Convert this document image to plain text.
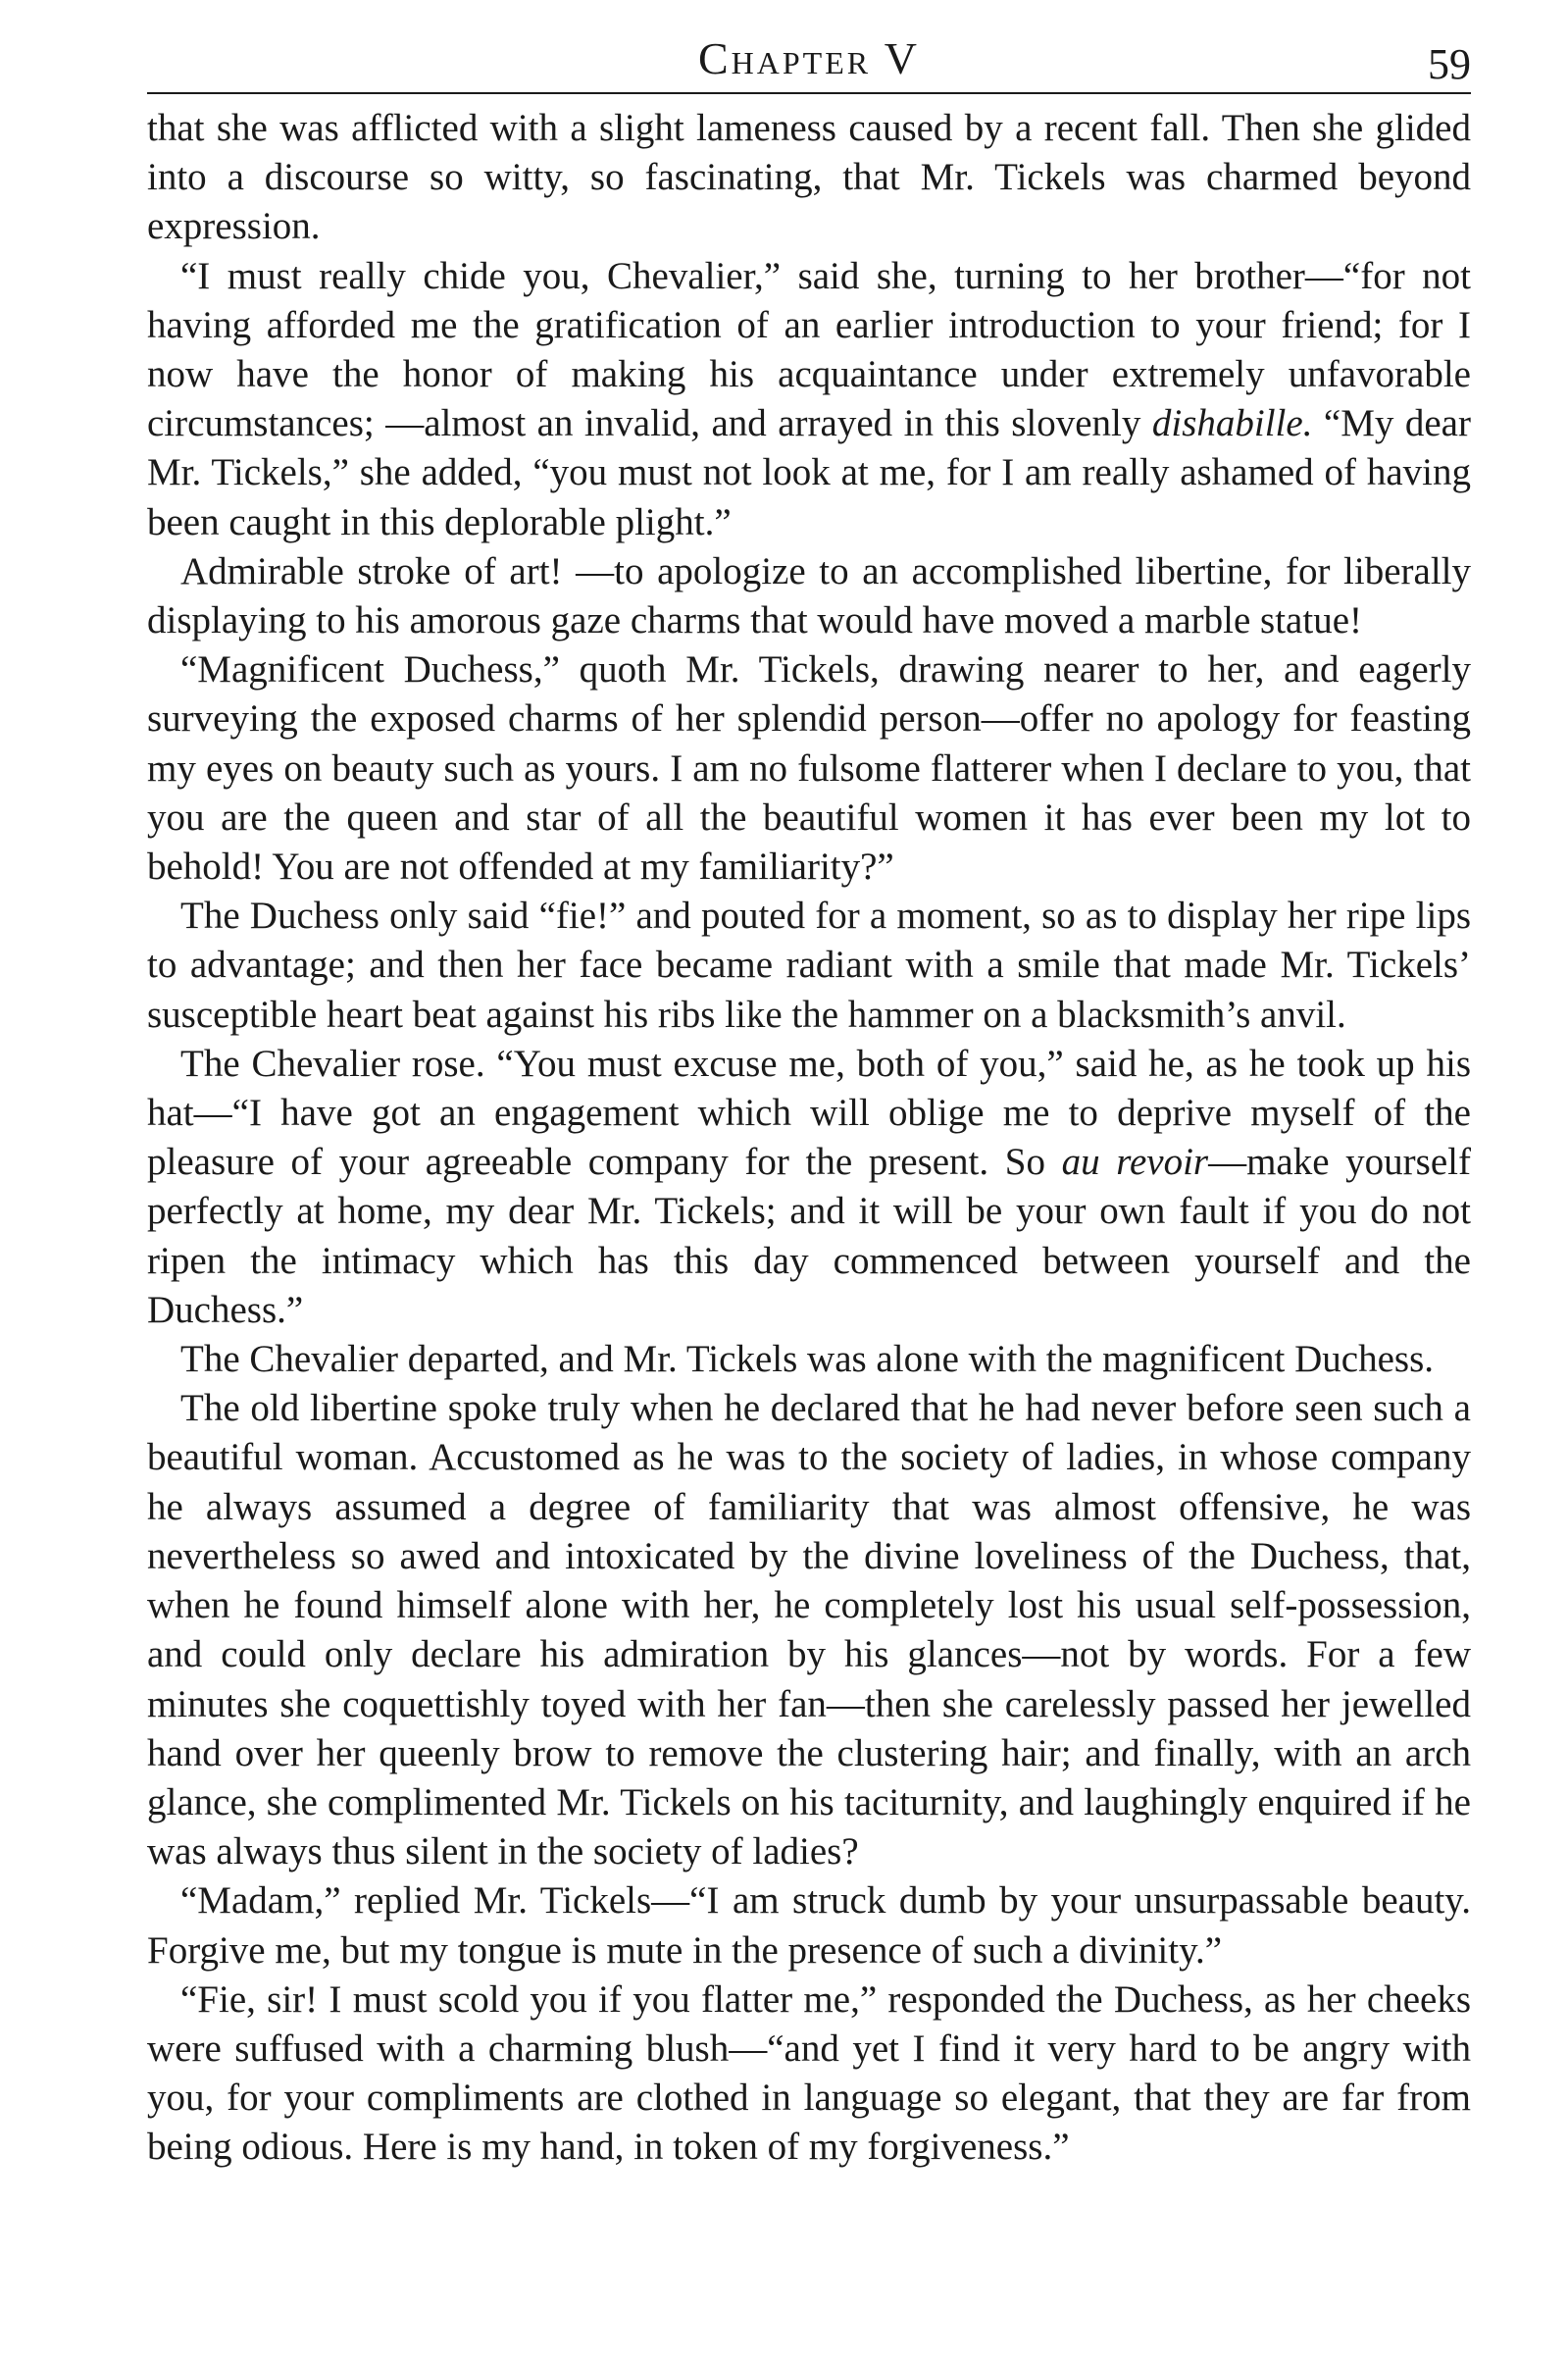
Chapter V	59

that she was afflicted with a slight lameness caused by a recent fall. Then she glided into a discourse so witty, so fascinating, that Mr. Tickels was charmed beyond expression.

“I must really chide you, Chevalier,” said she, turning to her brother—“for not having afforded me the gratification of an earlier introduction to your friend; for I now have the honor of making his acquaintance under extremely unfavorable circumstances; —almost an invalid, and arrayed in this slovenly dishabille. “My dear Mr. Tickels,” she added, “you must not look at me, for I am really ashamed of having been caught in this deplorable plight.”

Admirable stroke of art! —to apologize to an accomplished libertine, for liberally displaying to his amorous gaze charms that would have moved a marble statue!

“Magnificent Duchess,” quoth Mr. Tickels, drawing nearer to her, and eagerly surveying the exposed charms of her splendid person—offer no apology for feasting my eyes on beauty such as yours. I am no fulsome flatterer when I declare to you, that you are the queen and star of all the beautiful women it has ever been my lot to behold! You are not offended at my familiarity?”

The Duchess only said “fie!” and pouted for a moment, so as to display her ripe lips to advantage; and then her face became radiant with a smile that made Mr. Tickels’ susceptible heart beat against his ribs like the hammer on a blacksmith’s anvil.

The Chevalier rose. “You must excuse me, both of you,” said he, as he took up his hat—“I have got an engagement which will oblige me to deprive myself of the pleasure of your agreeable company for the present. So au revoir—make yourself perfectly at home, my dear Mr. Tickels; and it will be your own fault if you do not ripen the intimacy which has this day commenced between yourself and the Duchess.”

The Chevalier departed, and Mr. Tickels was alone with the magnificent Duchess.

The old libertine spoke truly when he declared that he had never before seen such a beautiful woman. Accustomed as he was to the society of ladies, in whose company he always assumed a degree of familiarity that was almost offensive, he was nevertheless so awed and intoxicated by the divine loveliness of the Duchess, that, when he found himself alone with her, he completely lost his usual self-possession, and could only declare his admiration by his glances—not by words. For a few minutes she coquettishly toyed with her fan—then she carelessly passed her jewelled hand over her queenly brow to remove the clustering hair; and finally, with an arch glance, she complimented Mr. Tickels on his taciturnity, and laughingly enquired if he was always thus silent in the society of ladies?

“Madam,” replied Mr. Tickels—“I am struck dumb by your unsurpassable beauty. Forgive me, but my tongue is mute in the presence of such a divinity.”

“Fie, sir! I must scold you if you flatter me,” responded the Duchess, as her cheeks were suffused with a charming blush—“and yet I find it very hard to be angry with you, for your compliments are clothed in language so elegant, that they are far from being odious. Here is my hand, in token of my forgiveness.”
